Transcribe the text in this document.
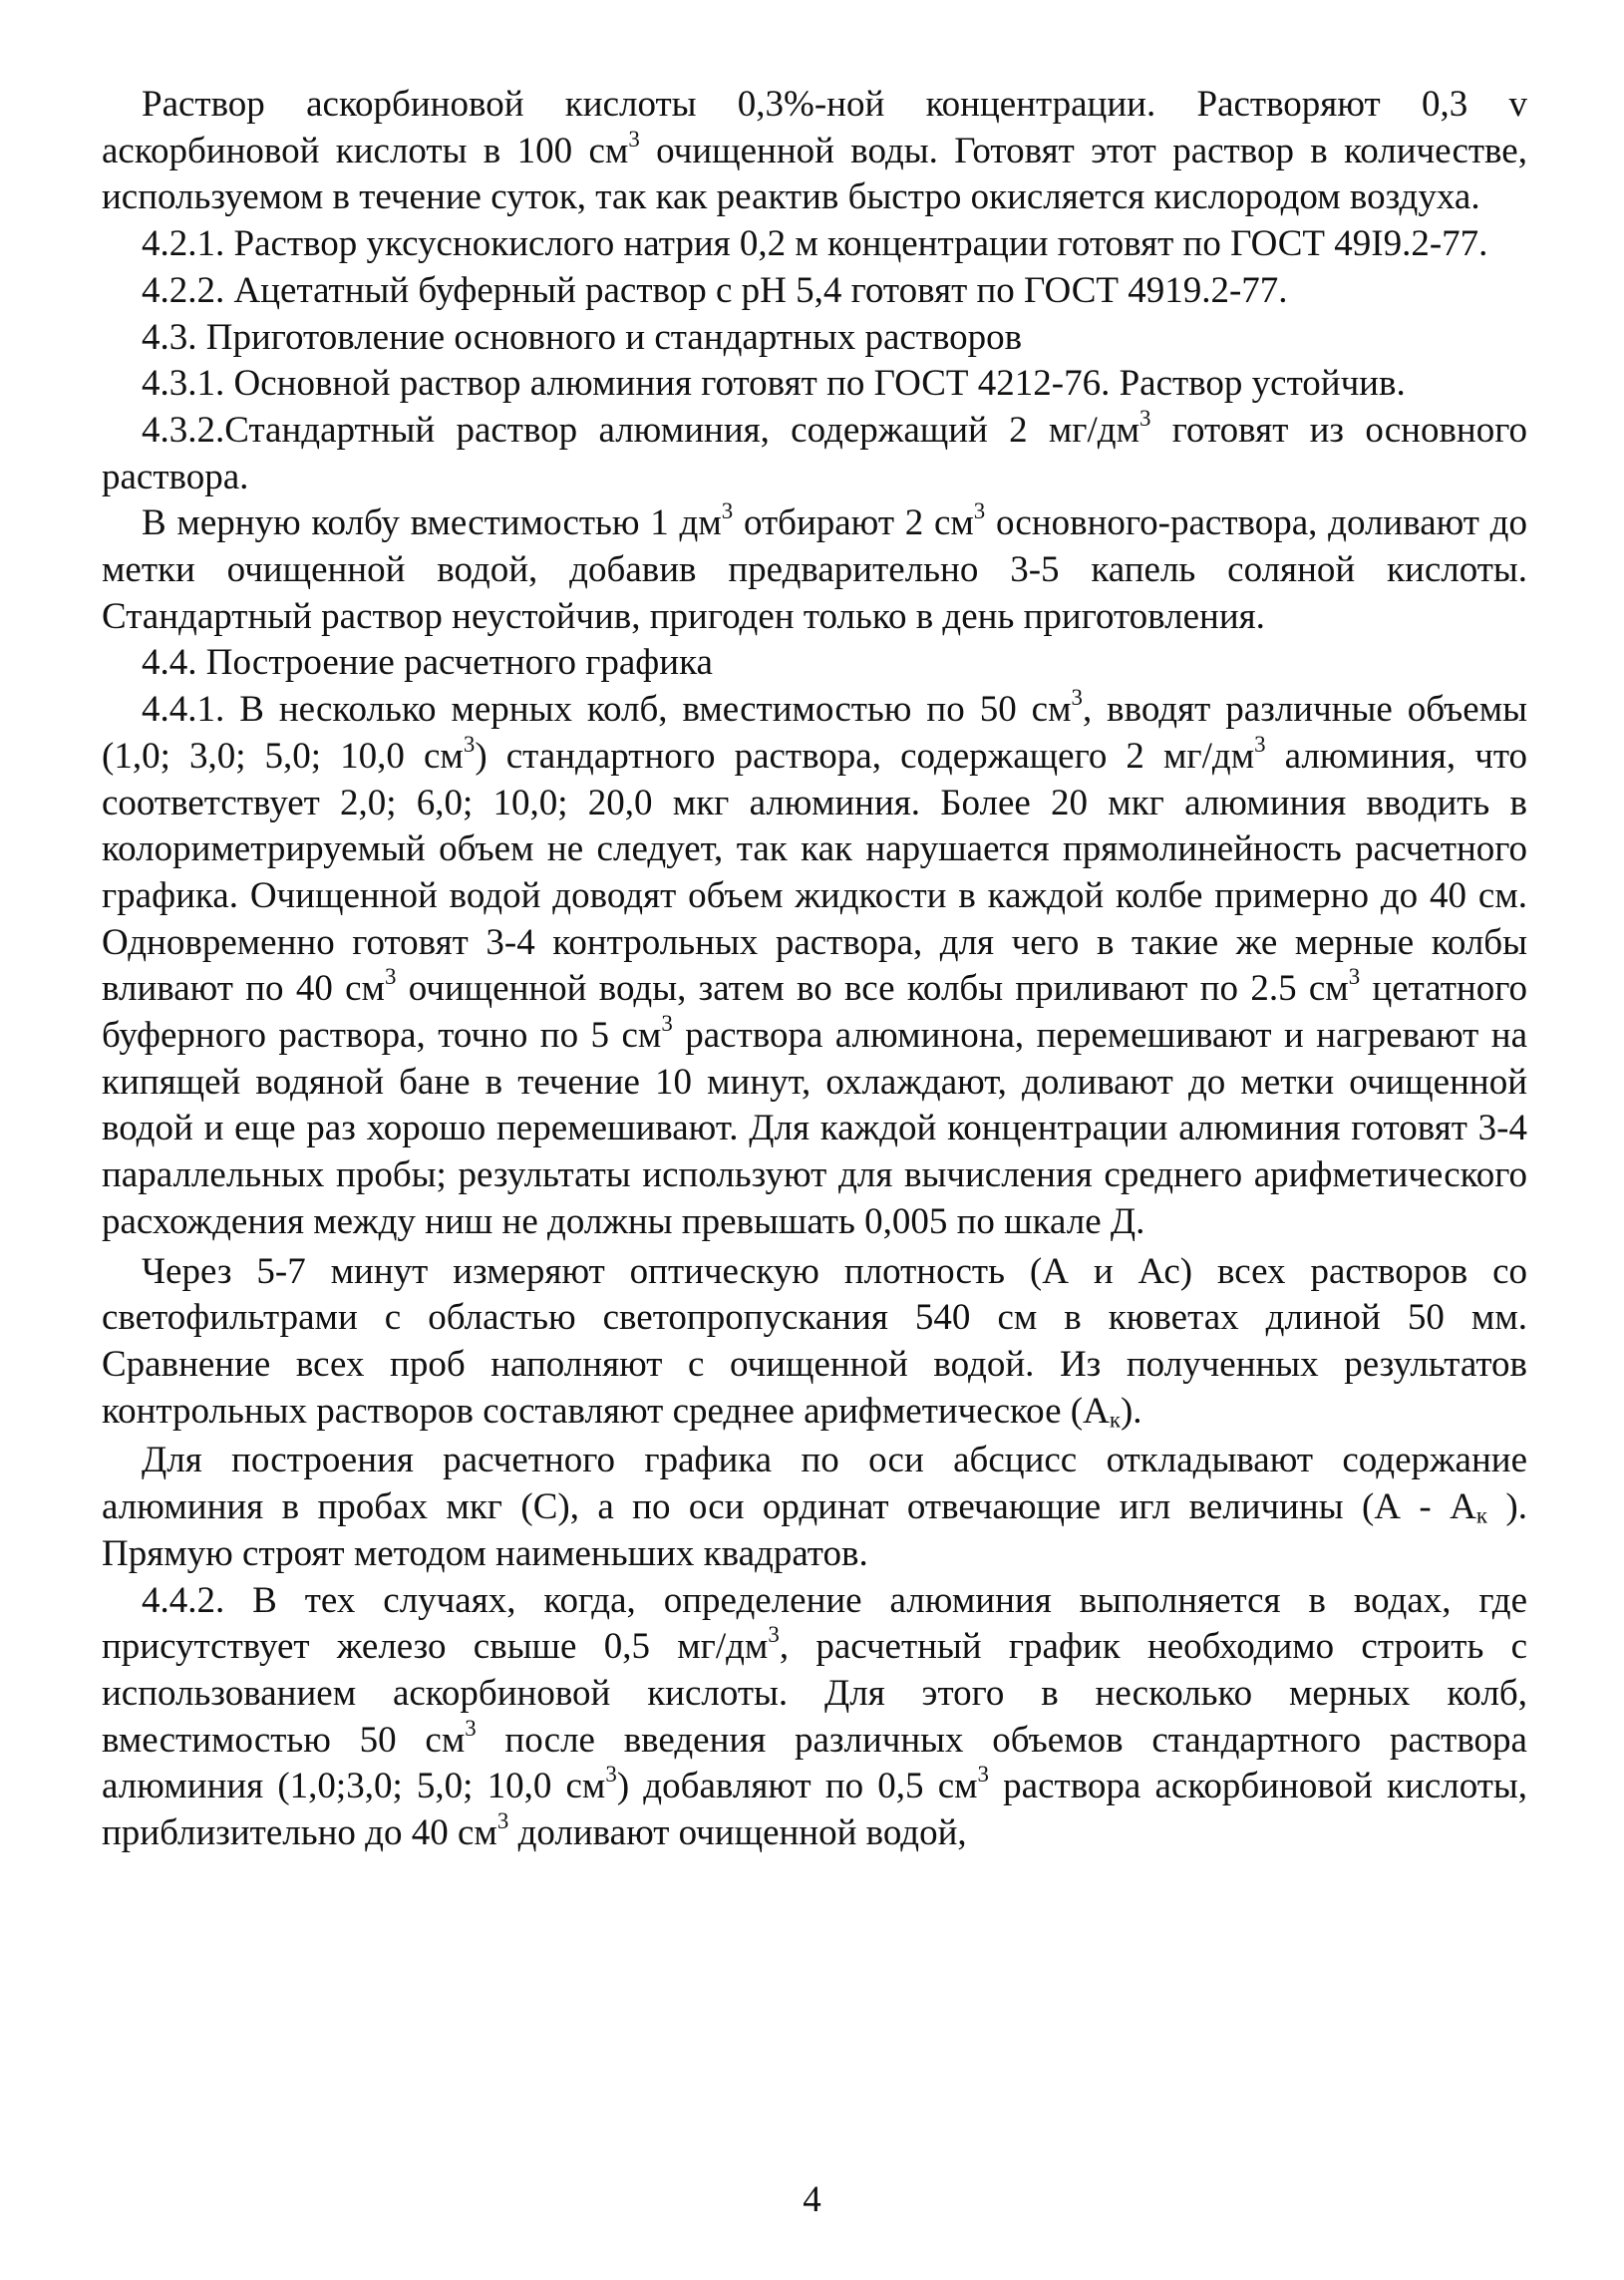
Раствор аскорбиновой кислоты 0,3%-ной концентрации. Растворяют 0,3 v аскорбиновой кислоты в 100 $см^3$ очищенной воды. Готовят этот раствор в количестве, используемом в течение суток, так как реактив быстро окисляется кислородом воздуха.

4.2.1. Раствор уксуснокислого натрия 0,2 м концентрации готовят по ГОСТ 49I9.2-77.

4.2.2. Ацетатный буферный раствор с рН 5,4 готовят по ГОСТ 4919.2-77.

4.3. Приготовление основного и стандартных растворов

4.3.1. Основной раствор алюминия готовят по ГОСТ 4212-76. Раствор устойчив.

4.3.2.Стандартный раствор алюминия, содержащий 2 $мг/дм^3$ готовят из основного раствора.

В мерную колбу вместимостью 1 $дм^3$ отбирают 2 $см^3$ основного-раствора, доливают до метки очищенной водой, добавив предварительно 3-5 капель соляной кислоты. Стандартный раствор неустойчив, пригоден только в день приготовления.

4.4. Построение расчетного графика

4.4.1. В несколько мерных колб, вместимостью по 50 $см^3$, вводят различные объемы (1,0; 3,0; 5,0; 10,0 $см^3$) стандартного раствора, содержащего 2 $мг/дм^3$ алюминия, что соответствует 2,0; 6,0; 10,0; 20,0 мкг алюминия. Более 20 мкг алюминия вводить в колориметрируемый объем не следует, так как нарушается прямолинейность расчетного графика. Очищенной водой доводят объем жидкости в каждой колбе примерно до 40 см. Одновременно готовят 3-4 контрольных раствора, для чего в такие же мерные колбы вливают по 40 $см^3$ очищенной воды, затем во все колбы приливают по 2.5 $см^3$ цетатного буферного раствора, точно по 5 $см^3$ раствора алюминона, перемешивают и нагревают на кипящей водяной бане в течение 10 минут, охлаждают, доливают до метки очищенной водой и еще раз хорошо перемешивают. Для каждой концентрации алюминия готовят 3-4 параллельных пробы; результаты используют для вычисления среднего арифметического расхождения между ниш не должны превышать 0,005 по шкале Д.

Через 5-7 минут измеряют оптическую плотность (А и Ас) всех растворов со светофильтрами с областью светопропускания 540 см в кюветах длиной 50 мм. Сравнение всех проб наполняют с очищенной водой. Из полученных результатов контрольных растворов составляют среднее арифметическое $(А_к)$.

Для построения расчетного графика по оси абсцисс откладывают содержание алюминия в пробах мкг (С), а по оси ординат отвечающие игл величины ($А - А_к$ ). Прямую строят методом наименьших квадратов.

4.4.2. В тех случаях, когда, определение алюминия выполняется в водах, где присутствует железо свыше 0,5 $мг/дм^3$, расчетный график необходимо строить с использованием аскорбиновой кислоты. Для этого в несколько мерных колб, вместимостью 50 $см^3$ после введения различных объемов стандартного раствора алюминия (1,0;3,0; 5,0; 10,0 $см^3$) добавляют по 0,5 $см^3$ раствора аскорбиновой кислоты, приблизительно до 40 $см^3$ доливают очищенной водой,

4
